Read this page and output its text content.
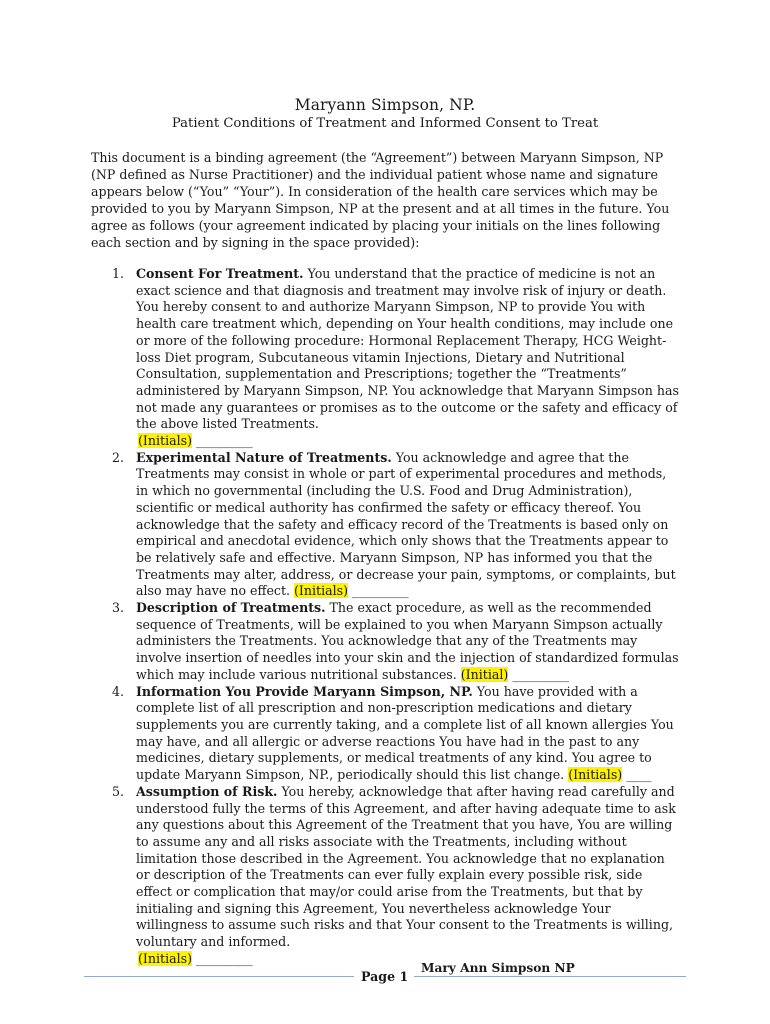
Maryann Simpson, NP.
Patient Conditions of Treatment and Informed Consent to Treat

This document is a binding agreement (the “Agreement”) between Maryann Simpson, NP (NP defined as Nurse Practitioner) and the individual patient whose name and signature appears below (“You” “Your”). In consideration of the health care services which may be provided to you by Maryann Simpson, NP at the present and at all times in the future. You agree as follows (your agreement indicated by placing your initials on the lines following each section and by signing in the space provided):

1. Consent For Treatment. You understand that the practice of medicine is not an exact science and that diagnosis and treatment may involve risk of injury or death. You hereby consent to and authorize Maryann Simpson, NP to provide You with health care treatment which, depending on Your health conditions, may include one or more of the following procedure: Hormonal Replacement Therapy, HCG Weight-loss Diet program, Subcutaneous vitamin Injections, Dietary and Nutritional Consultation, supplementation and Prescriptions; together the “Treatments” administered by Maryann Simpson, NP. You acknowledge that Maryann Simpson has not made any guarantees or promises as to the outcome or the safety and efficacy of the above listed Treatments.
(Initials) _________
2. Experimental Nature of Treatments. You acknowledge and agree that the Treatments may consist in whole or part of experimental procedures and methods, in which no governmental (including the U.S. Food and Drug Administration), scientific or medical authority has confirmed the safety or efficacy thereof. You acknowledge that the safety and efficacy record of the Treatments is based only on empirical and anecdotal evidence, which only shows that the Treatments appear to be relatively safe and effective. Maryann Simpson, NP has informed you that the Treatments may alter, address, or decrease your pain, symptoms, or complaints, but also may have no effect. (Initials) _________
3. Description of Treatments. The exact procedure, as well as the recommended sequence of Treatments, will be explained to you when Maryann Simpson actually administers the Treatments. You acknowledge that any of the Treatments may involve insertion of needles into your skin and the injection of standardized formulas which may include various nutritional substances. (Initial) _________
4. Information You Provide Maryann Simpson, NP. You have provided with a complete list of all prescription and non-prescription medications and dietary supplements you are currently taking, and a complete list of all known allergies You may have, and all allergic or adverse reactions You have had in the past to any medicines, dietary supplements, or medical treatments of any kind. You agree to update Maryann Simpson, NP., periodically should this list change. (Initials) ____
5. Assumption of Risk. You hereby, acknowledge that after having read carefully and understood fully the terms of this Agreement, and after having adequate time to ask any questions about this Agreement of the Treatment that you have, You are willing to assume any and all risks associate with the Treatments, including without limitation those described in the Agreement. You acknowledge that no explanation or description of the Treatments can ever fully explain every possible risk, side effect or complication that may/or could arise from the Treatments, but that by initialing and signing this Agreement, You nevertheless acknowledge Your willingness to assume such risks and that Your consent to the Treatments is willing, voluntary and informed.
(Initials) _________
Page 1
Mary Ann Simpson NP
